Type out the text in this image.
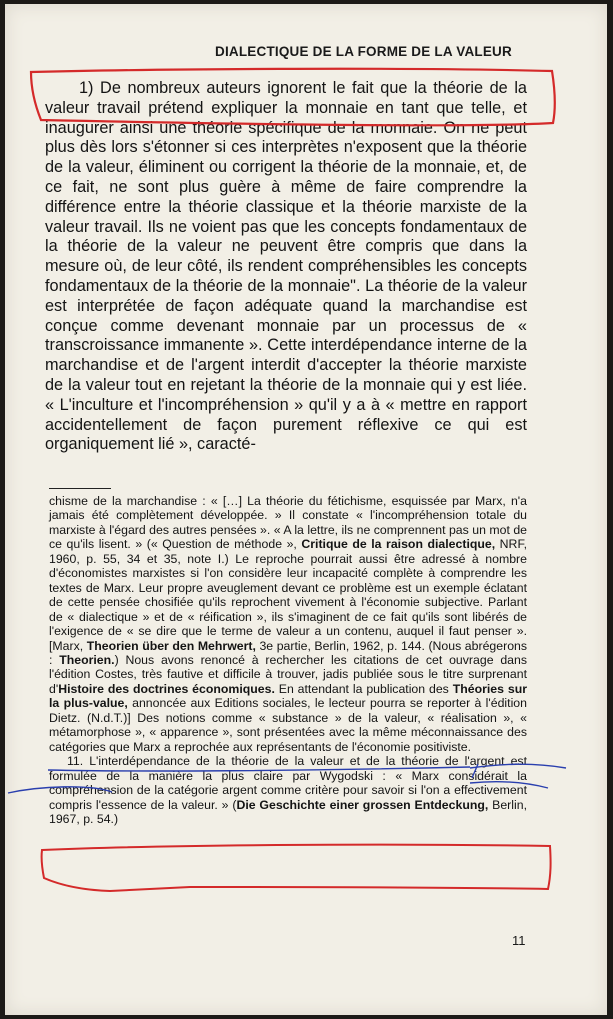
DIALECTIQUE DE LA FORME DE LA VALEUR

1) De nombreux auteurs ignorent le fait que la théorie de la valeur travail prétend expliquer la monnaie en tant que telle, et inaugurer ainsi une théorie spécifique de la monnaie. On ne peut plus dès lors s'étonner si ces interprètes n'exposent que la théorie de la valeur, éliminent ou corrigent la théorie de la monnaie, et, de ce fait, ne sont plus guère à même de faire comprendre la différence entre la théorie classique et la théorie marxiste de la valeur travail. Ils ne voient pas que les concepts fondamentaux de la théorie de la valeur ne peuvent être compris que dans la mesure où, de leur côté, ils rendent compréhensibles les concepts fondamentaux de la théorie de la monnaie". La théorie de la valeur est interprétée de façon adéquate quand la marchandise est conçue comme devenant monnaie par un processus de « transcroissance immanente ». Cette interdépendance interne de la marchandise et de l'argent interdit d'accepter la théorie marxiste de la valeur tout en rejetant la théorie de la monnaie qui y est liée. « L'inculture et l'incompréhension » qu'il y a à « mettre en rapport accidentellement de façon purement réflexive ce qui est organiquement lié », caracté-

chisme de la marchandise : « […] La théorie du fétichisme, esquissée par Marx, n'a jamais été complètement développée. » Il constate « l'incompréhension totale du marxiste à l'égard des autres pensées ». « A la lettre, ils ne comprennent pas un mot de ce qu'ils lisent. » (« Question de méthode », Critique de la raison dialectique, NRF, 1960, p. 55, 34 et 35, note I.) Le reproche pourrait aussi être adressé à nombre d'économistes marxistes si l'on considère leur incapacité complète à comprendre les textes de Marx. Leur propre aveuglement devant ce problème est un exemple éclatant de cette pensée chosifiée qu'ils reprochent vivement à l'économie subjective. Parlant de « dialectique » et de « réification », ils s'imaginent de ce fait qu'ils sont libérés de l'exigence de « se dire que le terme de valeur a un contenu, auquel il faut penser ». [Marx, Theorien über den Mehrwert, 3e partie, Berlin, 1962, p. 144. (Nous abrégerons : Theorien.) Nous avons renoncé à rechercher les citations de cet ouvrage dans l'édition Costes, très fautive et difficile à trouver, jadis publiée sous le titre surprenant d'Histoire des doctrines économiques. En attendant la publication des Théories sur la plus-value, annoncée aux Editions sociales, le lecteur pourra se reporter à l'édition Dietz. (N.d.T.)] Des notions comme « substance » de la valeur, « réalisation », « métamorphose », « apparence », sont présentées avec la même méconnaissance des catégories que Marx a reprochée aux représentants de l'économie positiviste.

11. L'interdépendance de la théorie de la valeur et de la théorie de l'argent est formulée de la manière la plus claire par Wygodski : « Marx considérait la compréhension de la catégorie argent comme critère pour savoir si l'on a effectivement compris l'essence de la valeur. » (Die Geschichte einer grossen Entdeckung, Berlin, 1967, p. 54.)

11
